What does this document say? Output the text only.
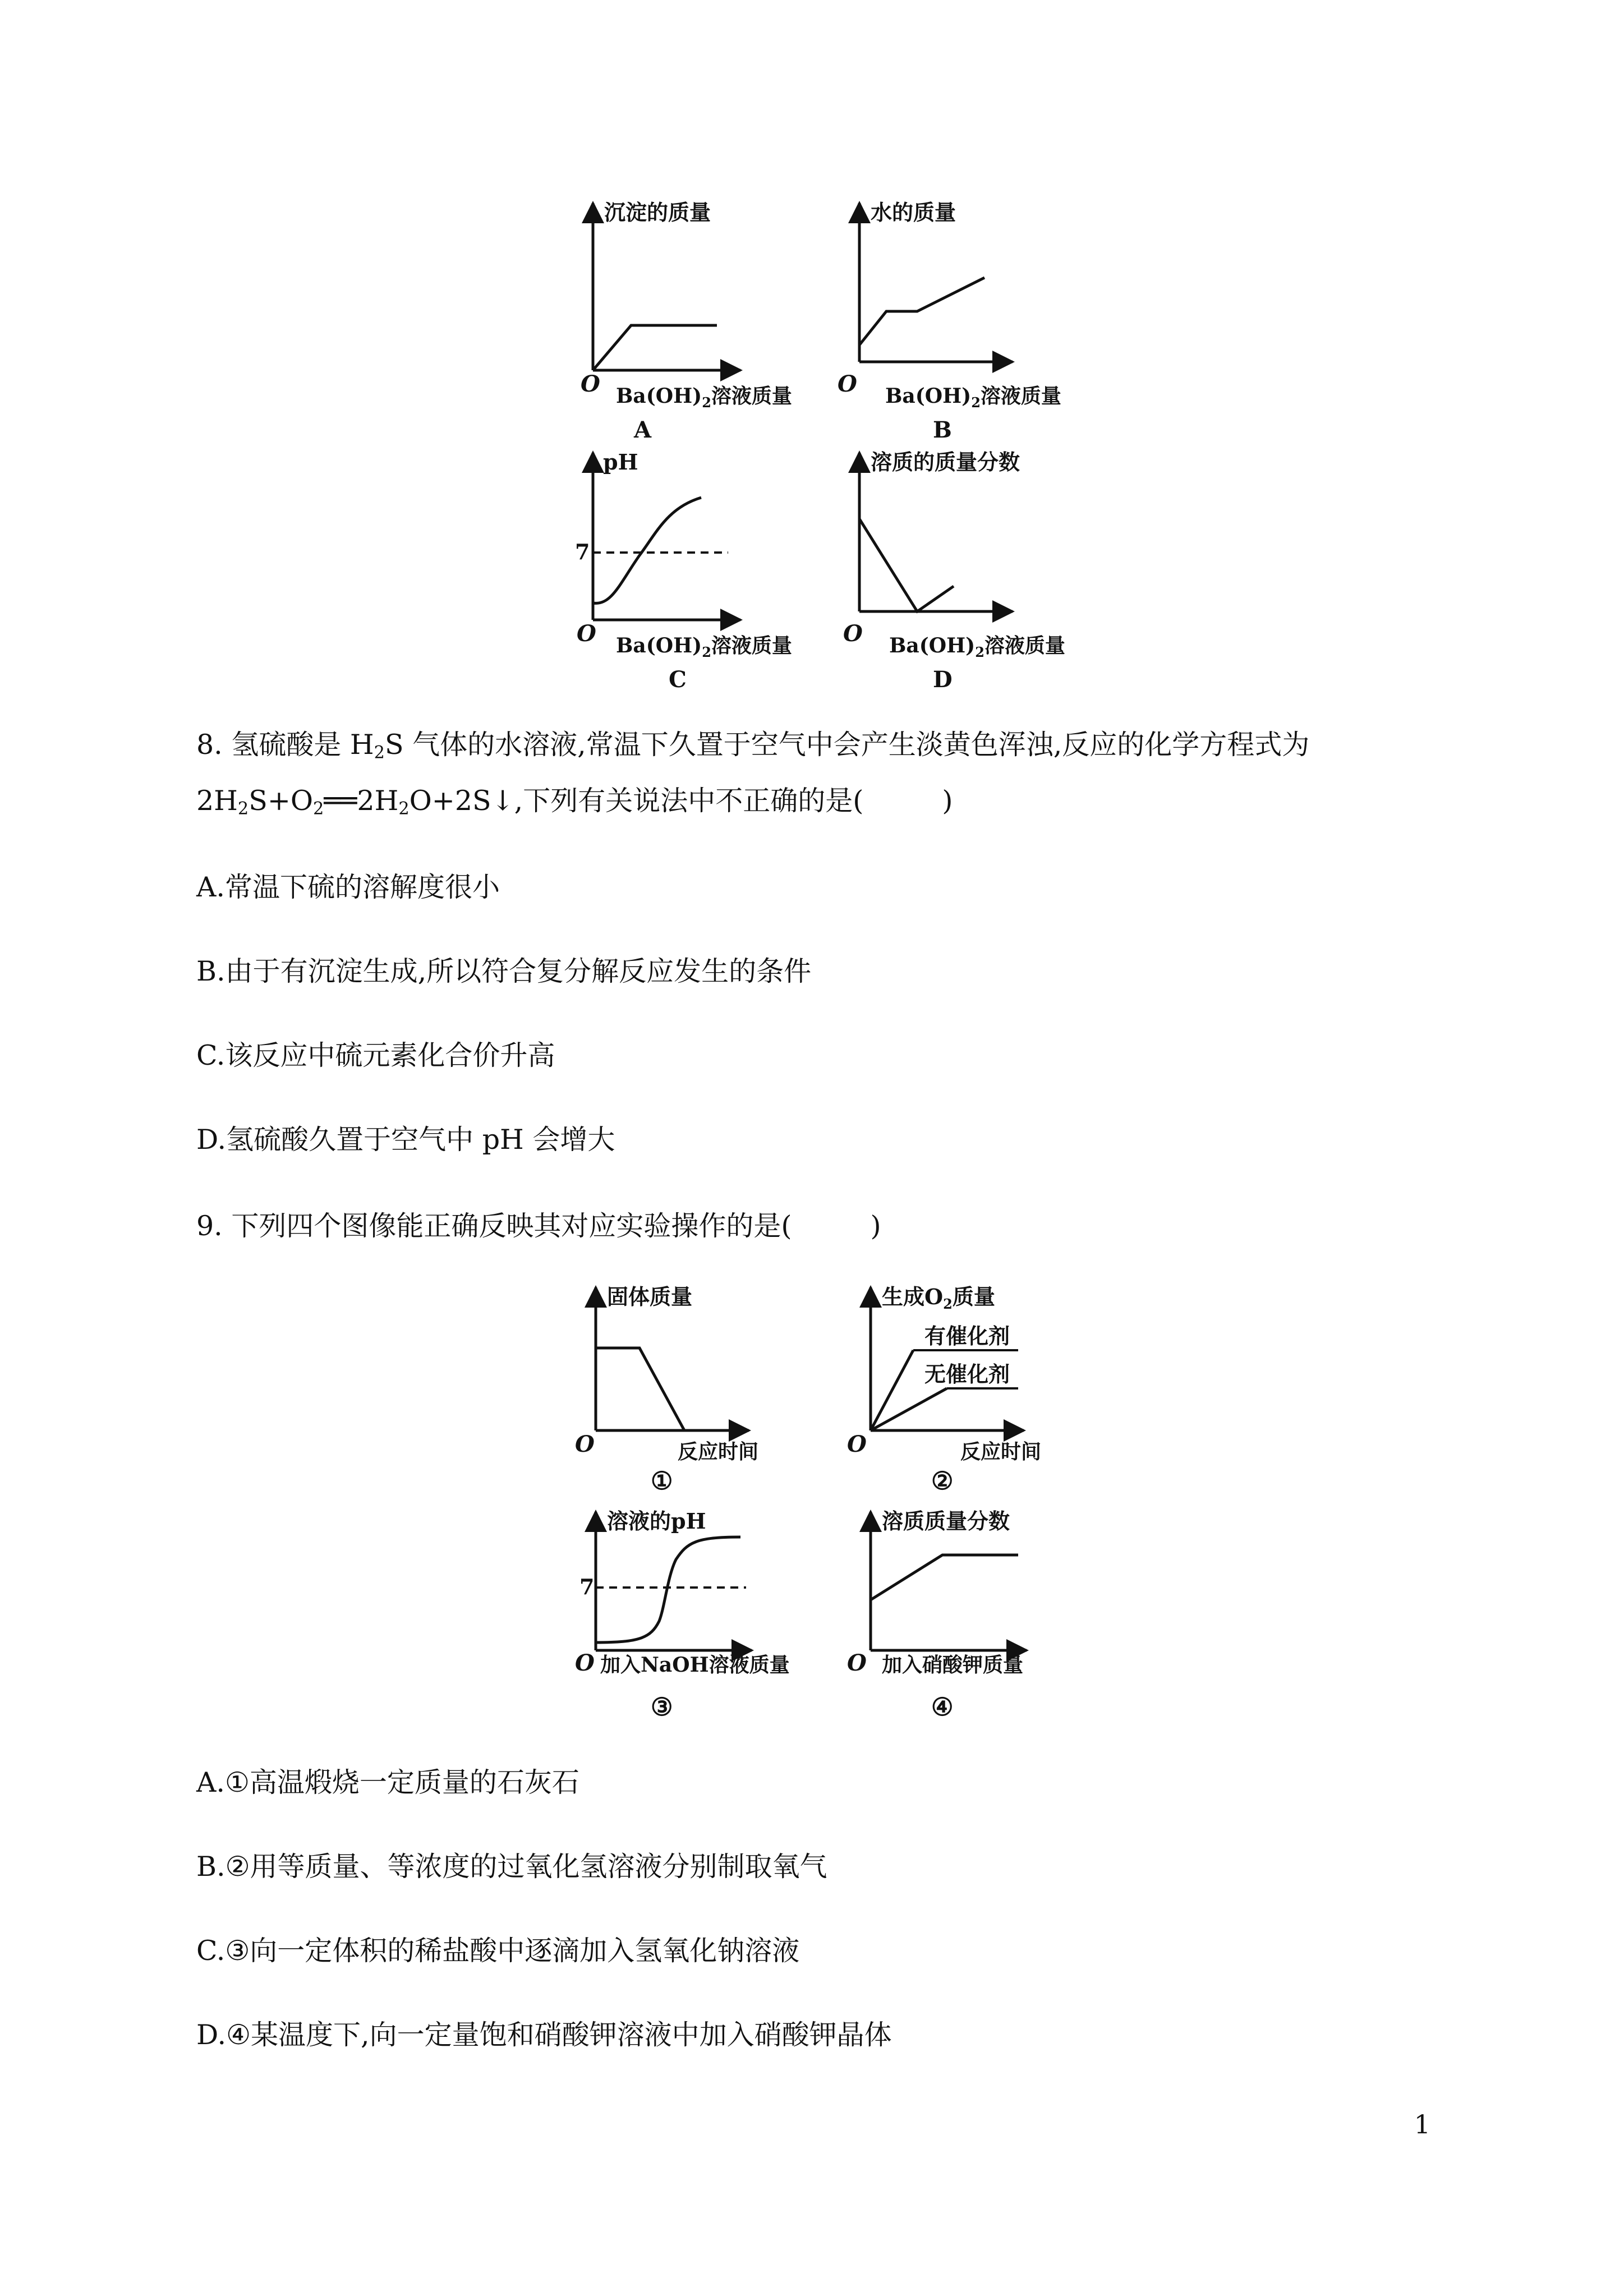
沉淀的质量
O $Ba(OH)_2$溶液质量
A
水的质量
O $Ba(OH)_2$溶液质量
B
pH
7
O $Ba(OH)_2$溶液质量
C
溶质的质量分数
O $Ba(OH)_2$溶液质量
D
8. 氢硫酸是 $H_2S$ 气体的水溶液,常温下久置于空气中会产生淡黄色浑浊,反应的化学方程式为
$2H_2S+O_2══2H_2O+2S↓$,下列有关说法中不正确的是(	)
A.常温下硫的溶解度很小
B.由于有沉淀生成,所以符合复分解反应发生的条件
C.该反应中硫元素化合价升高
D.氢硫酸久置于空气中 pH 会增大
9. 下列四个图像能正确反映其对应实验操作的是(	)
固体质量
O	反应时间
①
生成$O_2$质量
有催化剂
无催化剂
O	反应时间
②
溶液的pH
7
O 加入NaOH溶液质量
③
溶质质量分数
O 加入硝酸钾质量
④
A.①高温煅烧一定质量的石灰石
B.②用等质量、等浓度的过氧化氢溶液分别制取氧气
C.③向一定体积的稀盐酸中逐滴加入氢氧化钠溶液
D.④某温度下,向一定量饱和硝酸钾溶液中加入硝酸钾晶体
1
